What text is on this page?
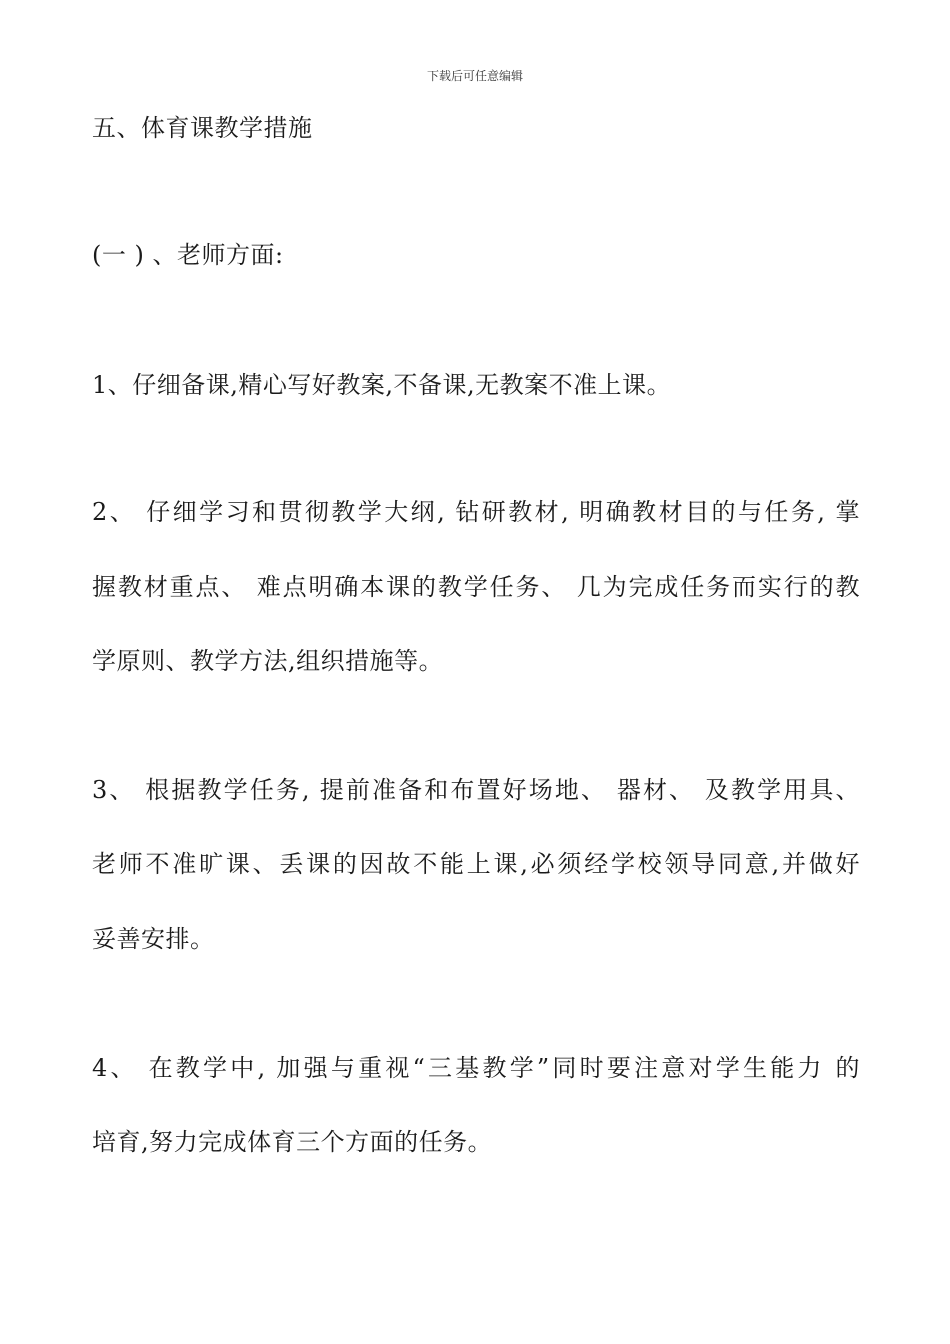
下载后可任意编辑
五、体育课教学措施
(一 ) 、老师方面:
1、仔细备课,精心写好教案,不备课,无教案不准上课。
2、 仔细学习和贯彻教学大纲, 钻研教材, 明确教材目的与任务, 掌
握教材重点、 难点明确本课的教学任务、 几为完成任务而实行的教
学原则、教学方法,组织措施等。
3、 根据教学任务, 提前准备和布置好场地、 器材、 及教学用具、
老师不准旷课、丢课的因故不能上课,必须经学校领导同意,并做好
妥善安排。
4、 在教学中, 加强与重视“三基教学”同时要注意对学生能力 的
培育,努力完成体育三个方面的任务。
